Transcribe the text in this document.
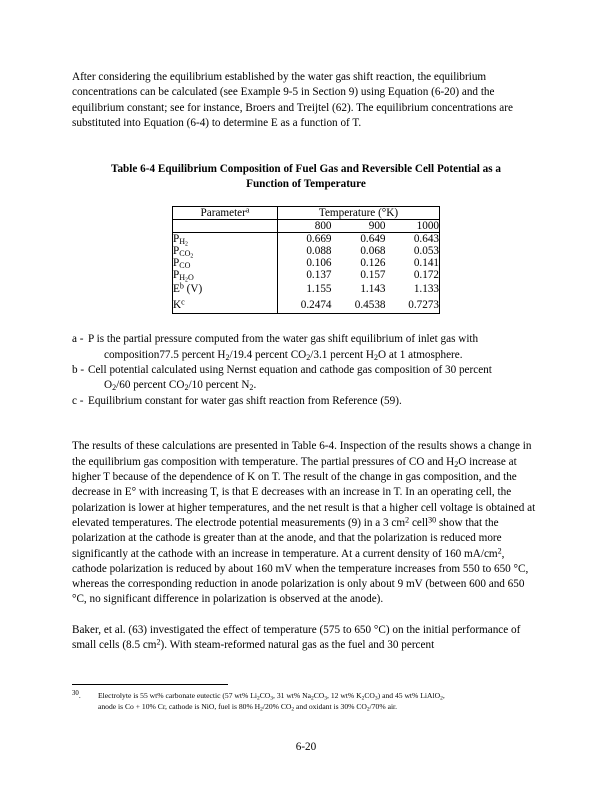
After considering the equilibrium established by the water gas shift reaction, the equilibrium concentrations can be calculated (see Example 9-5 in Section 9) using Equation (6-20) and the equilibrium constant; see for instance, Broers and Treijtel (62). The equilibrium concentrations are substituted into Equation (6-4) to determine E as a function of T.

Table 6-4 Equilibrium Composition of Fuel Gas and Reversible Cell Potential as a

Function of Temperature

Parameter$^a$	Temperature (°K)		
	800	900	1000
$P_{H_2}$	0.669	0.649	0.643
$P_{CO_2}$	0.088	0.068	0.053
$P_{CO}$	0.106	0.126	0.141
$P_{H_2O}$	0.137	0.157	0.172
$E^b$ (V)	1.155	1.143	1.133
$K^c$	0.2474	0.4538	0.7273
a - P is the partial pressure computed from the water gas shift equilibrium of inlet gas with
composition77.5 percent $H_2/19.4$ percent $CO_2/3.1$ percent $H_2O$ at 1 atmosphere.
b - Cell potential calculated using Nernst equation and cathode gas composition of 30 percent
$O_2/60$ percent $CO_2/10$ percent $N_2$.
c - Equilibrium constant for water gas shift reaction from Reference (59).

The results of these calculations are presented in Table 6-4. Inspection of the results shows a change in the equilibrium gas composition with temperature. The partial pressures of CO and $H_2O$ increase at higher T because of the dependence of K on T. The result of the change in gas composition, and the decrease in E° with increasing T, is that E decreases with an increase in T. In an operating cell, the polarization is lower at higher temperatures, and the net result is that a higher cell voltage is obtained at elevated temperatures. The electrode potential measurements (9) in a 3 $cm^2$ cell$^{30}$ show that the polarization at the cathode is greater than at the anode, and that the polarization is reduced more significantly at the cathode with an increase in temperature. At a current density of 160 $mA/cm^2$, cathode polarization is reduced by about 160 mV when the temperature increases from 550 to 650 °C, whereas the corresponding reduction in anode polarization is only about 9 mV (between 600 and 650 °C, no significant difference in polarization is observed at the anode).

Baker, et al. (63) investigated the effect of temperature (575 to 650 °C) on the initial performance of small cells (8.5 $cm^2$). With steam-reformed natural gas as the fuel and 30 percent

$^{30}$.	Electrolyte is 55 wt% carbonate eutectic (57 wt% $Li_2CO_3$, 31 wt% $Na_2CO_3$, 12 wt% $K_2CO_3$) and 45 wt% LiAlO$_2$,
anode is Co + 10% Cr, cathode is NiO, fuel is 80% $H_2/20\%$ $CO_2$ and oxidant is 30% $CO_2/70\%$ air.
6-20
